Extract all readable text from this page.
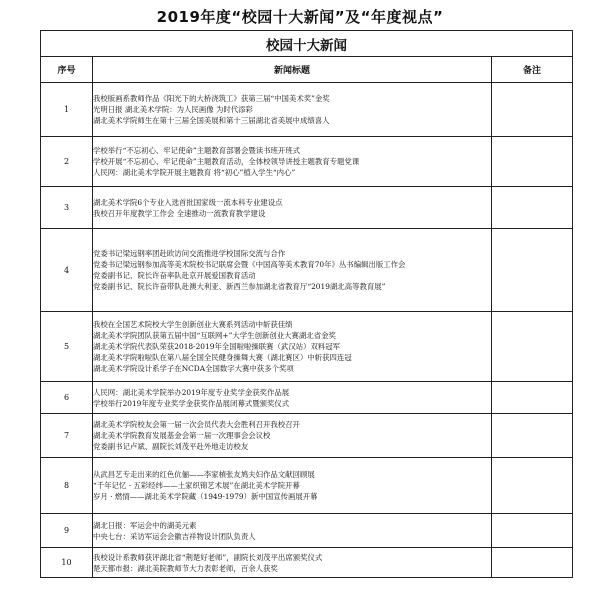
2019年度“校园十大新闻”及“年度视点”
校园十大新闻		
序号	新闻标题	备注
1	我校版画系教师作品《阳光下的大桥浇筑工》获第三届“中国美术奖”金奖
光明日报 湖北美术学院：为人民画像 为时代添彩
湖北美术学院师生在第十三届全国美展和第十三届湖北省美展中成绩喜人	

2	学校举行“不忘初心、牢记使命”主题教育部署会暨读书班开班式
学校开展“不忘初心、牢记使命”主题教育活动，全体校领导讲授主题教育专题党课
人民网：湖北美术学院开展主题教育 将“初心”植入学生“内心”	

3	湖北美术学院6个专业入选首批国家级一流本科专业建设点
我校召开年度教学工作会 全速推动一流教育教学建设	

4	党委书记梁远钢率团赴欧访问交流推进学校国际交流与合作
党委书记梁远钢参加高等美术院校书记联席会暨《中国高等美术教育70年》丛书编辑出版工作会
党委副书记、院长许奋率队赴京开展爱国教育活动
党委副书记、院长许奋带队赴澳大利亚、新西兰参加湖北省教育厅“2019湖北高等教育展”	

5	我校在全国艺术院校大学生创新创业大赛系列活动中斩获佳绩
湖北美术学院团队获第五届中国“互联网+”大学生创新创业大赛湖北省金奖
湖北美术学院代表队荣获2018-2019年全国啦啦操联赛（武汉站）双料冠军
湖北美术学院啦啦队在第八届全国全民健身操舞大赛（湖北赛区）中斩获四连冠
湖北美术学院设计系学子在NCDA全国数字大赛中获多个奖项	

6	人民网：湖北美术学院举办2019年度专业奖学金获奖作品展
学校举行2019年度专业奖学金获奖作品展闭幕式暨颁奖仪式	

7	湖北美术学院校友会第一届一次会员代表大会胜利召开我校召开
湖北美术学院教育发展基金会第一届一次理事会会议校
党委副书记卢斌、副院长刘茂平赴外地走访校友	

8	从武昌艺专走出来的红色伉俪——李家楨张友鸠夫妇作品文献回顾展
“千年记忆 · 五彩经纬——土家织锦艺术展”在湖北美术学院开幕
岁月 · 燃情——湖北美术学院藏（1949-1979）新中国宣传画展开幕	

9	湖北日报：军运会中的湖美元素
中央七台：采访军运会会徽吉祥物设计团队负责人	

10	我校设计系教师获评湖北省“荆楚好老师”，副院长刘茂平出席颁奖仪式
楚天都市报：湖北美院教师节大力表彰老师，百余人获奖	
